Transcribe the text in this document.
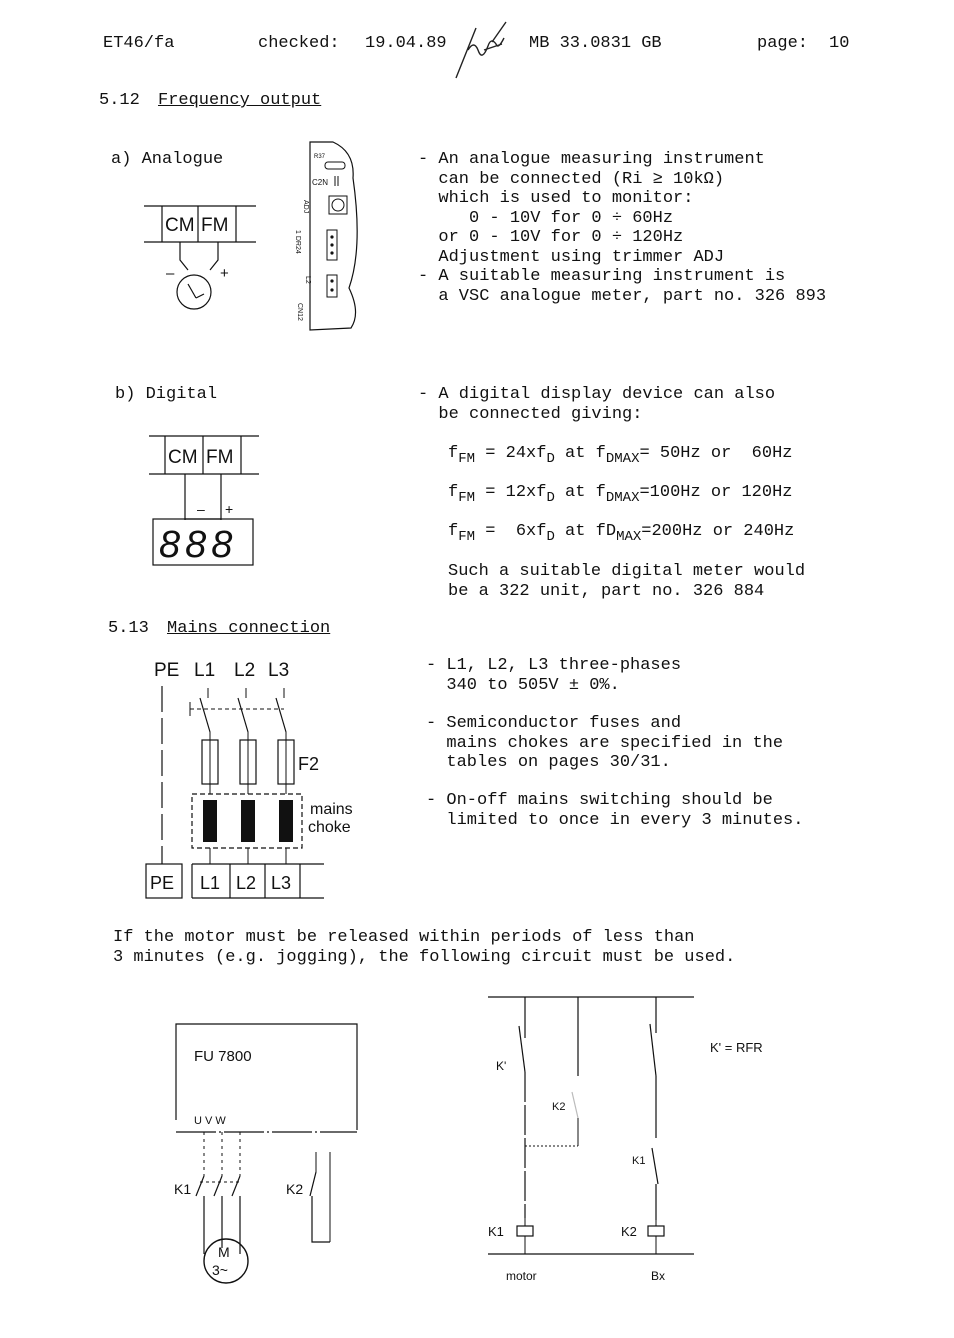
ET46/fa	checked: 19.04.89	MB 33.0831 GB	page: 10
5.12 Frequency output
a) Analogue
CM FM
–	+
R37
C2N
ADJ
1 DR24
L2
CN12
- An analogue measuring instrument
can be connected (Ri ≥ 10kΩ)
which is used to monitor:
0 - 10V for 0 ÷ 60Hz
or 0 - 10V for 0 ÷ 120Hz
Adjustment using trimmer ADJ
- A suitable measuring instrument is
a VSC analogue meter, part no. 326 893
b) Digital
CM FM
– +
888
- A digital display device can also
be connected giving:
$f_{FM} = 24xf_D$ at $f_{DMAX}= 50Hz$ or  60Hz
$f_{FM} = 12xf_D$ at $f_{DMAX}=100Hz$ or 120Hz
$f_{FM} = 6xf_D$ at $fD_{MAX}=200Hz$ or 240Hz
Such a suitable digital meter would
be a 322 unit, part no. 326 884
5.13 Mains connection
PE L1 L2 L3
F2
mains
choke
PE L1 L2 L3
- L1, L2, L3 three-phases
340 to 505V ± 0%.
- Semiconductor fuses and
mains chokes are specified in the
tables on pages 30/31.
- On-off mains switching should be
limited to once in every 3 minutes.
If the motor must be released within periods of less than
3 minutes (e.g. jogging), the following circuit must be used.
FU 7800
U V W
K1	K2
M
3~
K'
K2
K1
K1	K2
motor	Bx
K' = RFR
